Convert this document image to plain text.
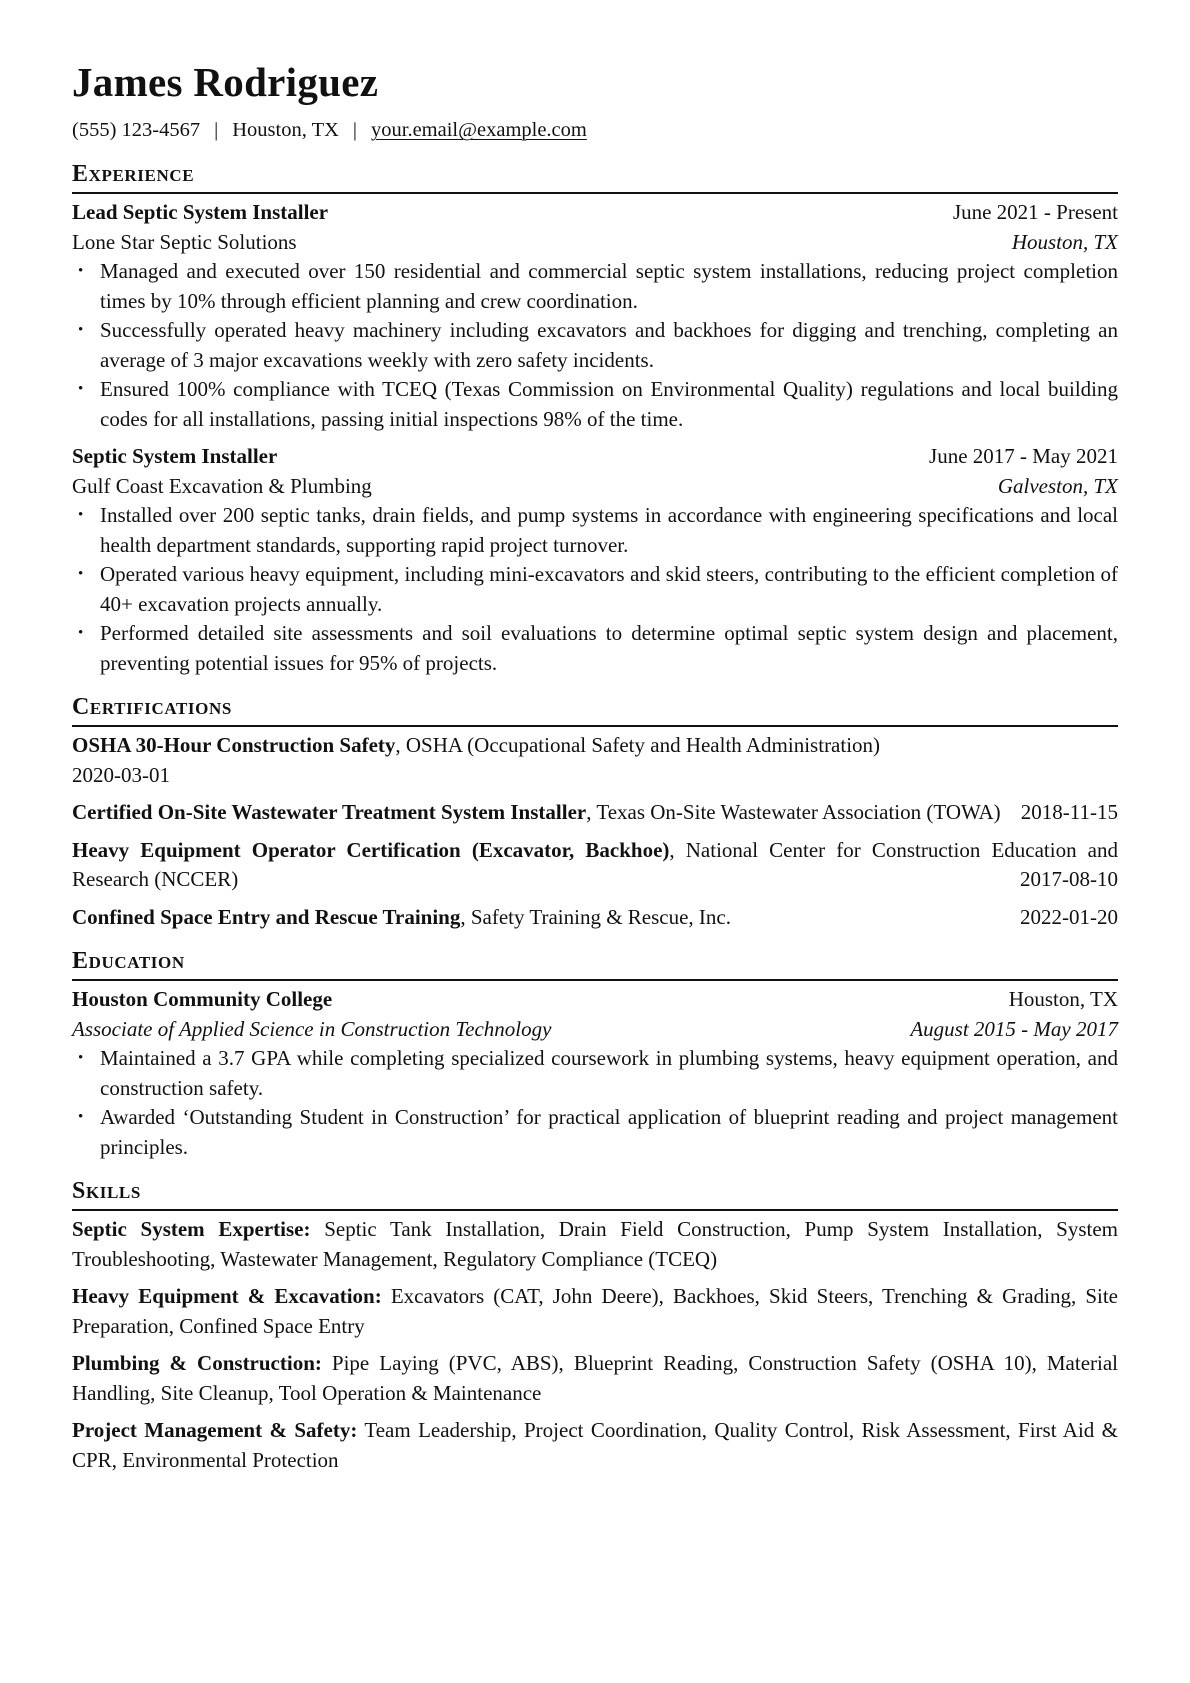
James Rodriguez
(555) 123-4567 | Houston, TX | your.email@example.com
Experience
Lead Septic System Installer	June 2021 - Present
Lone Star Septic Solutions	Houston, TX
• Managed and executed over 150 residential and commercial septic system installations, reducing project completion times by 10% through efficient planning and crew coordination.
• Successfully operated heavy machinery including excavators and backhoes for digging and trenching, completing an average of 3 major excavations weekly with zero safety incidents.
• Ensured 100% compliance with TCEQ (Texas Commission on Environmental Quality) regulations and local building codes for all installations, passing initial inspections 98% of the time.
Septic System Installer	June 2017 - May 2021
Gulf Coast Excavation & Plumbing	Galveston, TX
• Installed over 200 septic tanks, drain fields, and pump systems in accordance with engineering specifications and local health department standards, supporting rapid project turnover.
• Operated various heavy equipment, including mini-excavators and skid steers, contributing to the efficient completion of 40+ excavation projects annually.
• Performed detailed site assessments and soil evaluations to determine optimal septic system design and placement, preventing potential issues for 95% of projects.
Certifications
OSHA 30-Hour Construction Safety, OSHA (Occupational Safety and Health Administration)
2020-03-01
Certified On-Site Wastewater Treatment System Installer, Texas On-Site Wastewater Association (TOWA) 2018-11-15
Heavy Equipment Operator Certification (Excavator, Backhoe), National Center for Construction Education and Research (NCCER)	2017-08-10
Confined Space Entry and Rescue Training, Safety Training & Rescue, Inc.	2022-01-20
Education
Houston Community College	Houston, TX
Associate of Applied Science in Construction Technology	August 2015 - May 2017
• Maintained a 3.7 GPA while completing specialized coursework in plumbing systems, heavy equipment operation, and construction safety.
• Awarded ‘Outstanding Student in Construction’ for practical application of blueprint reading and project management principles.
Skills
Septic System Expertise: Septic Tank Installation, Drain Field Construction, Pump System Installation, System Troubleshooting, Wastewater Management, Regulatory Compliance (TCEQ)
Heavy Equipment & Excavation: Excavators (CAT, John Deere), Backhoes, Skid Steers, Trenching & Grading, Site Preparation, Confined Space Entry
Plumbing & Construction: Pipe Laying (PVC, ABS), Blueprint Reading, Construction Safety (OSHA 10), Material Handling, Site Cleanup, Tool Operation & Maintenance
Project Management & Safety: Team Leadership, Project Coordination, Quality Control, Risk Assessment, First Aid & CPR, Environmental Protection
